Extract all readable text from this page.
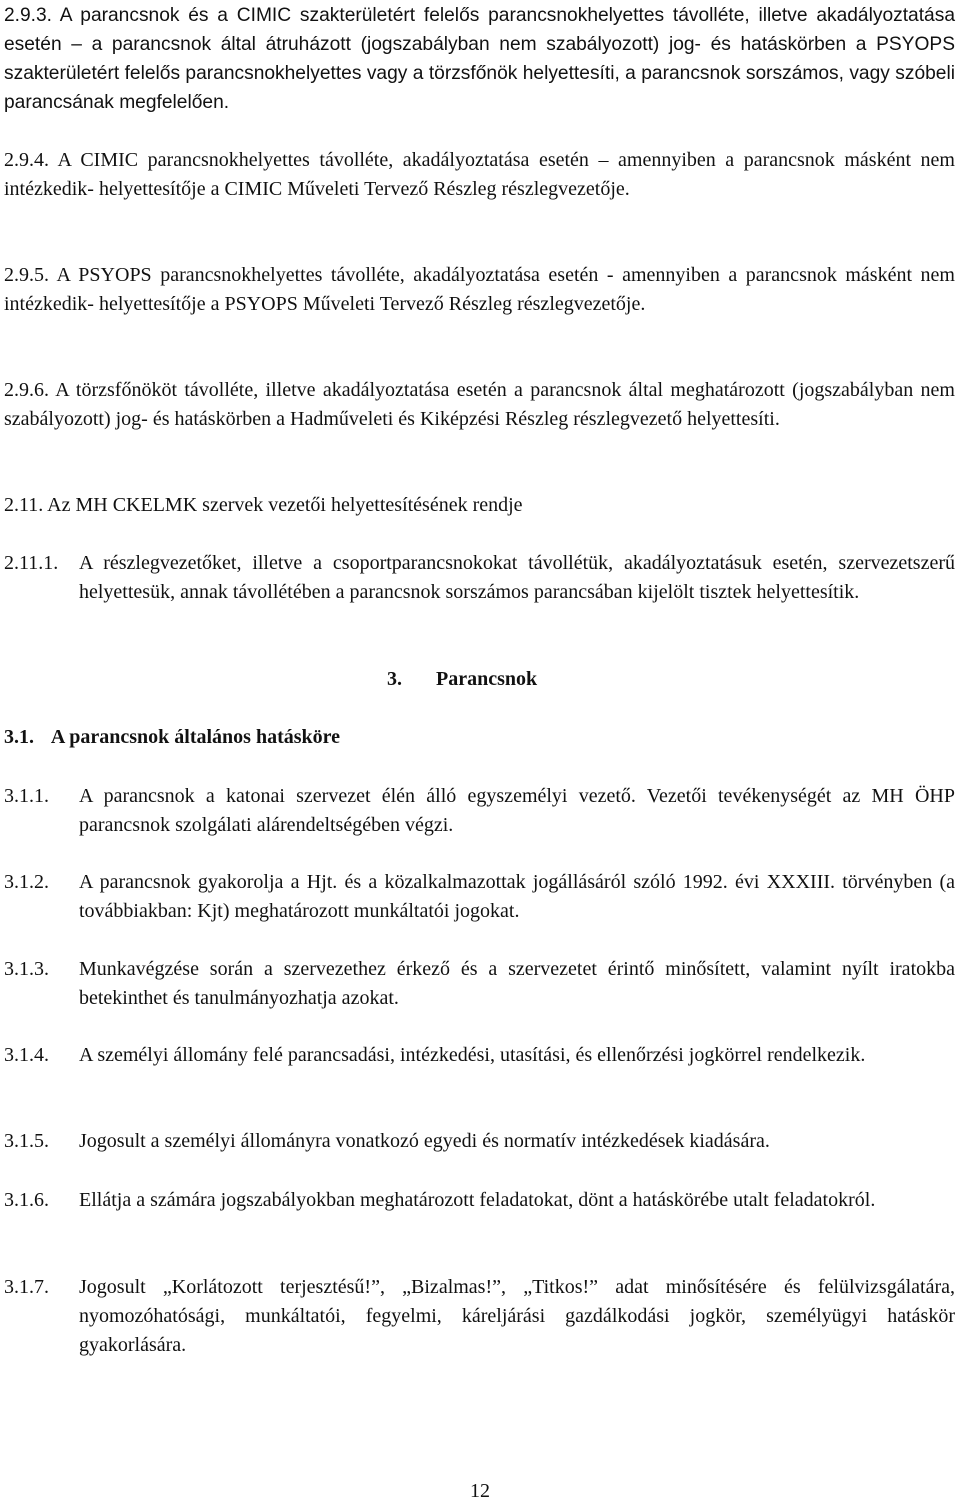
2.9.3. A parancsnok és a CIMIC szakterületért felelős parancsnokhelyettes távolléte, illetve akadályoztatása esetén – a parancsnok által átruházott (jogszabályban nem szabályozott) jog- és hatáskörben a PSYOPS szakterületért felelős parancsnokhelyettes vagy a törzsfőnök helyettesíti, a parancsnok sorszámos, vagy szóbeli parancsának megfelelően.

2.9.4. A CIMIC parancsnokhelyettes távolléte, akadályoztatása esetén – amennyiben a parancsnok másként nem intézkedik- helyettesítője a CIMIC Műveleti Tervező Részleg részlegvezetője.

2.9.5. A PSYOPS parancsnokhelyettes távolléte, akadályoztatása esetén - amennyiben a parancsnok másként nem intézkedik- helyettesítője a PSYOPS Műveleti Tervező Részleg részlegvezetője.

2.9.6. A törzsfőnököt távolléte, illetve akadályoztatása esetén a parancsnok által meghatározott (jogszabályban nem szabályozott) jog- és hatáskörben a Hadműveleti és Kiképzési Részleg részlegvezető helyettesíti.

2.11. Az MH CKELMK szervek vezetői helyettesítésének rendje

2.11.1. A részlegvezetőket, illetve a csoportparancsnokokat távollétük, akadályoztatásuk esetén, szervezetszerű helyettesük, annak távollétében a parancsnok sorszámos parancsában kijelölt tisztek helyettesítik.
3. Parancsnok
3.1. A parancsnok általános hatásköre
3.1.1. A parancsnok a katonai szervezet élén álló egyszemélyi vezető. Vezetői tevékenységét az MH ÖHP parancsnok szolgálati alárendeltségében végzi.
3.1.2. A parancsnok gyakorolja a Hjt. és a közalkalmazottak jogállásáról szóló 1992. évi XXXIII. törvényben (a továbbiakban: Kjt) meghatározott munkáltatói jogokat.
3.1.3. Munkavégzése során a szervezethez érkező és a szervezetet érintő minősített, valamint nyílt iratokba betekinthet és tanulmányozhatja azokat.
3.1.4. A személyi állomány felé parancsadási, intézkedési, utasítási, és ellenőrzési jogkörrel rendelkezik.
3.1.5. Jogosult a személyi állományra vonatkozó egyedi és normatív intézkedések kiadására.
3.1.6. Ellátja a számára jogszabályokban meghatározott feladatokat, dönt a hatáskörébe utalt feladatokról.
3.1.7. Jogosult „Korlátozott terjesztésű!”, „Bizalmas!”, „Titkos!” adat minősítésére és felülvizsgálatára, nyomozóhatósági, munkáltatói, fegyelmi, káreljárási gazdálkodási jogkör, személyügyi hatáskör gyakorlására.
12
